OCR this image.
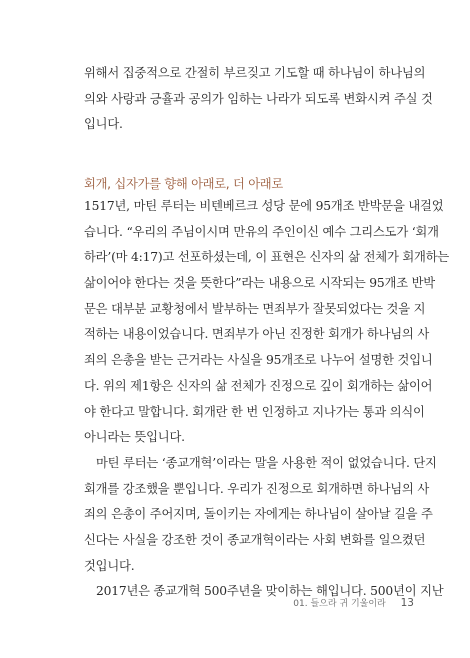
위해서 집중적으로 간절히 부르짖고 기도할 때 하나님이 하나님의
의와 사랑과 긍휼과 공의가 임하는 나라가 되도록 변화시켜 주실 것
입니다.
회개, 십자가를 향해 아래로, 더 아래로
1517년, 마틴 루터는 비텐베르크 성당 문에 95개조 반박문을 내걸었
습니다. “우리의 주님이시며 만유의 주인이신 예수 그리스도가 ‘회개
하라’(마 4:17)고 선포하셨는데, 이 표현은 신자의 삶 전체가 회개하는
삶이어야 한다는 것을 뜻한다”라는 내용으로 시작되는 95개조 반박
문은 대부분 교황청에서 발부하는 면죄부가 잘못되었다는 것을 지
적하는 내용이었습니다. 면죄부가 아닌 진정한 회개가 하나님의 사
죄의 은총을 받는 근거라는 사실을 95개조로 나누어 설명한 것입니
다. 위의 제1항은 신자의 삶 전체가 진정으로 깊이 회개하는 삶이어
야 한다고 말합니다. 회개란 한 번 인정하고 지나가는 통과 의식이
아니라는 뜻입니다.
마틴 루터는 ‘종교개혁’이라는 말을 사용한 적이 없었습니다. 단지
회개를 강조했을 뿐입니다. 우리가 진정으로 회개하면 하나님의 사
죄의 은총이 주어지며, 돌이키는 자에게는 하나님이 살아날 길을 주
신다는 사실을 강조한 것이 종교개혁이라는 사회 변화를 일으켰던
것입니다.
2017년은 종교개혁 500주년을 맞이하는 해입니다. 500년이 지난
01. 들으라 귀 기울이라 13
